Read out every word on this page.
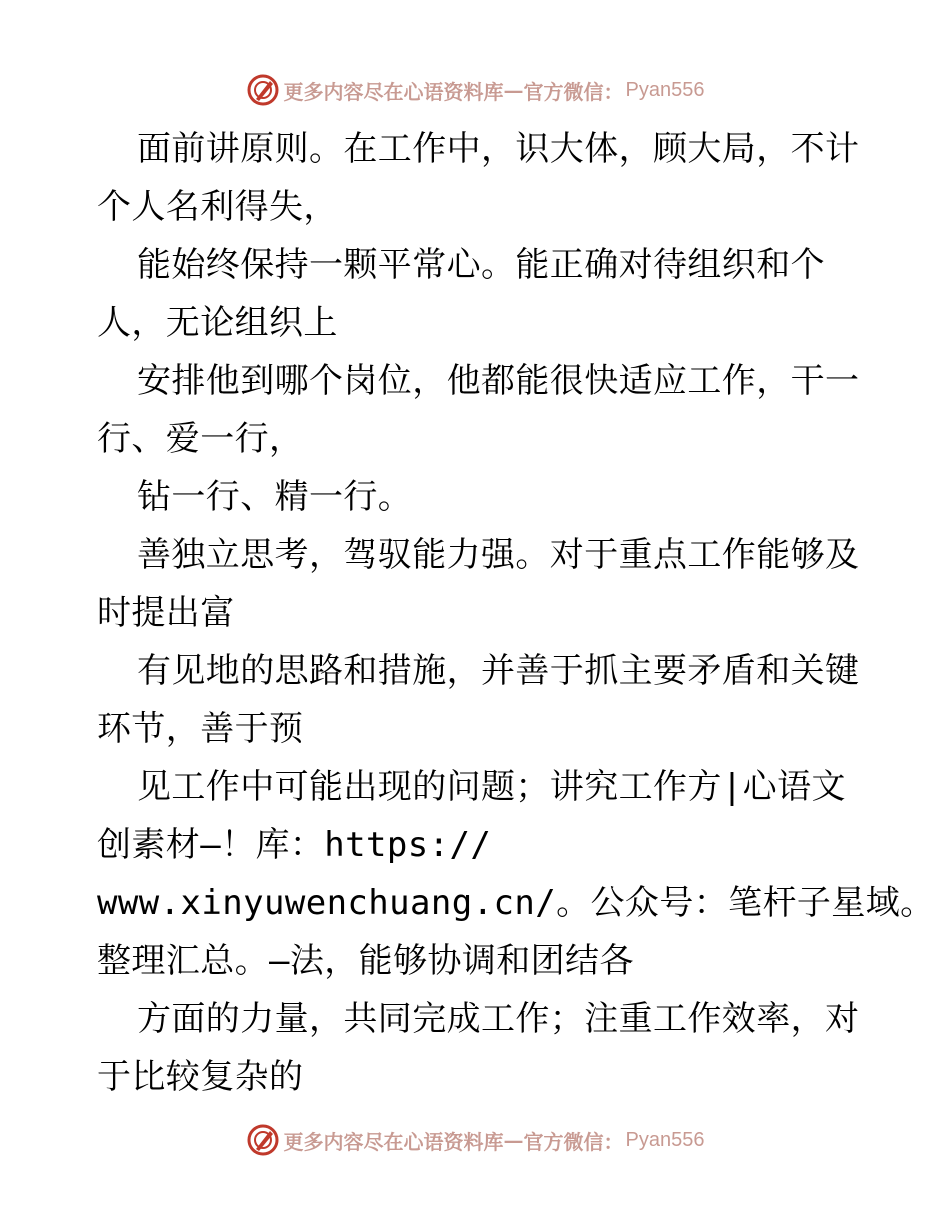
更多内容尽在心语资料库 — 官方微信： Pyan556
面前讲原则。在工作中，识大体，顾大局，不计
个人名利得失，
能始终保持一颗平常心。能正确对待组织和个
人，无论组织上
安排他到哪个岗位，他都能很快适应工作，干一
行、爱一行，
钻一行、精一行。
善独立思考，驾驭能力强。对于重点工作能够及
时提出富
有见地的思路和措施，并善于抓主要矛盾和关键
环节，善于预
见工作中可能出现的问题；讲究工作方|心语文
创素材—！库：https://
www.xinyuwenchuang.cn/。公众号：笔杆子星域。
整理汇总。—法，能够协调和团结各
方面的力量，共同完成工作；注重工作效率，对
于比较复杂的
更多内容尽在心语资料库 — 官方微信： Pyan556
